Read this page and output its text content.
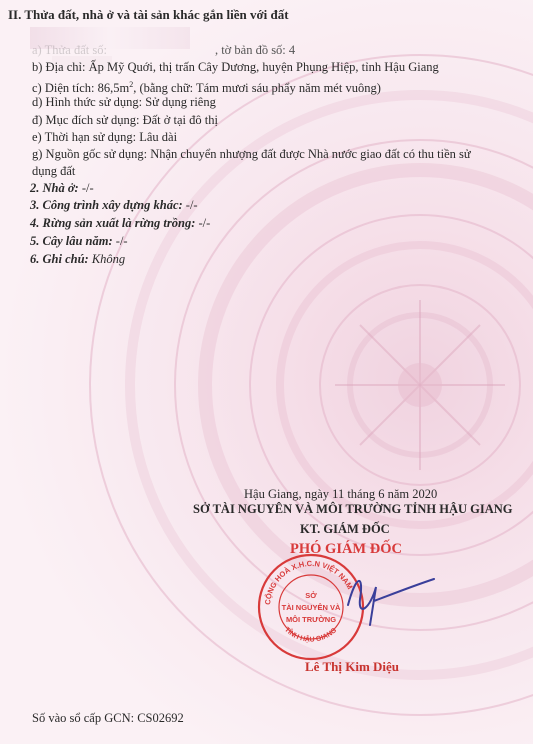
II. Thửa đất, nhà ở và tài sản khác gắn liền với đất
a) Thửa đất số:	, tờ bản đồ số: 4
b) Địa chỉ: Ấp Mỹ Quới, thị trấn Cây Dương, huyện Phụng Hiệp, tỉnh Hậu Giang
c) Diện tích: $86,5m^2$, (bằng chữ: Tám mươi sáu phẩy năm mét vuông)
d) Hình thức sử dụng: Sử dụng riêng
đ) Mục đích sử dụng: Đất ở tại đô thị
e) Thời hạn sử dụng: Lâu dài
g) Nguồn gốc sử dụng: Nhận chuyển nhượng đất được Nhà nước giao đất có thu tiền sử
dụng đất
2. Nhà ở: -/-
3. Công trình xây dựng khác: -/-
4. Rừng sản xuất là rừng trồng: -/-
5. Cây lâu năm: -/-
6. Ghi chú: Không
Hậu Giang, ngày 11 tháng 6 năm 2020
SỞ TÀI NGUYÊN VÀ MÔI TRƯỜNG TỈNH HẬU GIANG
KT. GIÁM ĐỐC
PHÓ GIÁM ĐỐC
CỘNG HOÀ X.H.C.N VIỆT NAM
TỈNH HẬU GIANG
SỞ
TÀI NGUYÊN VÀ
MÔI TRƯỜNG
Lê Thị Kim Diệu
Số vào sổ cấp GCN: CS02692
